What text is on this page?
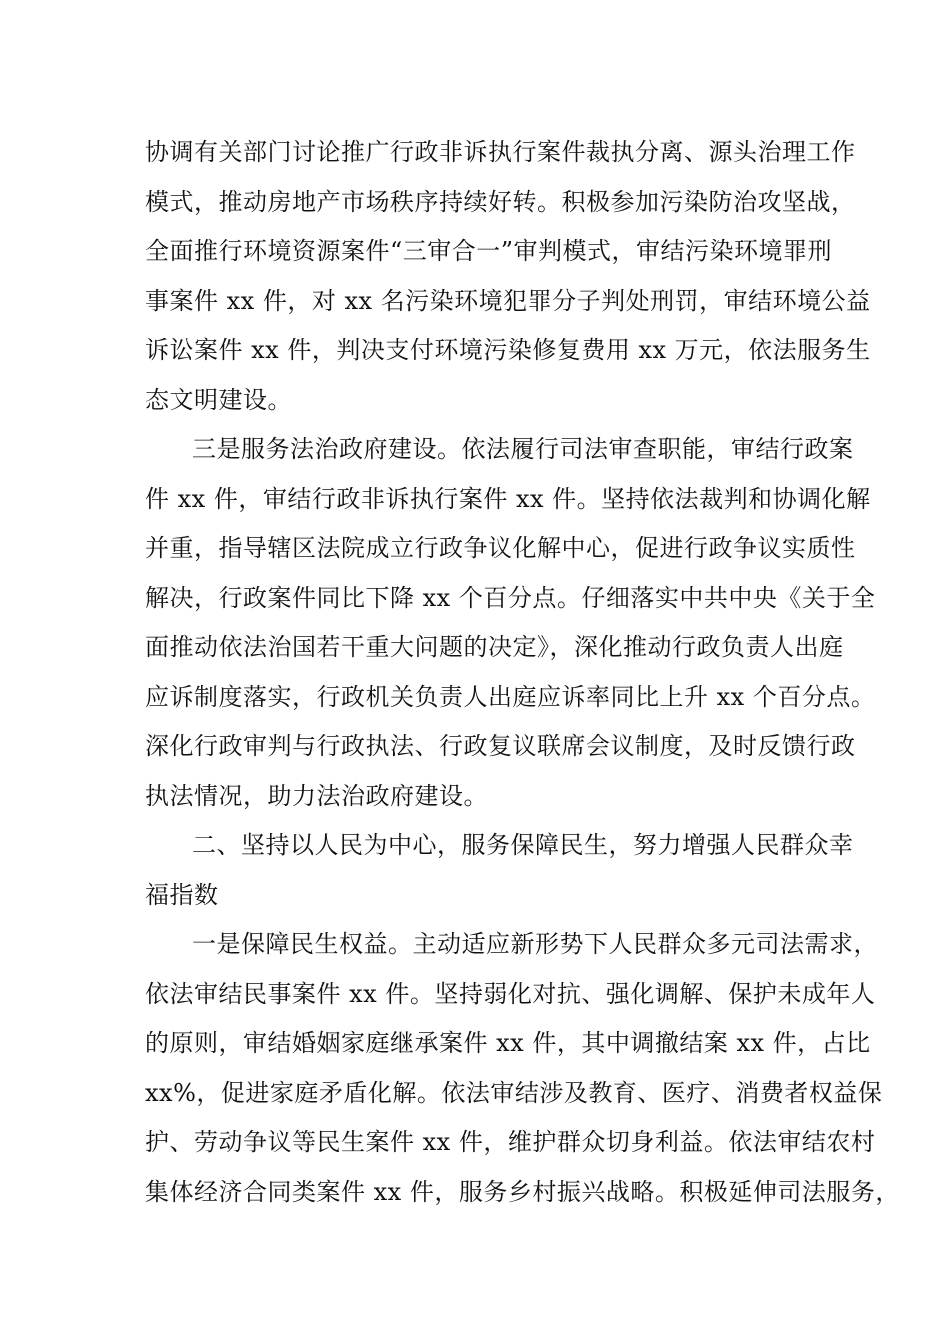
协调有关部门讨论推广行政非诉执行案件裁执分离、源头治理工作
模式，推动房地产市场秩序持续好转。积极参加污染防治攻坚战，
全面推行环境资源案件“三审合一”审判模式，审结污染环境罪刑
事案件 xx 件，对 xx 名污染环境犯罪分子判处刑罚，审结环境公益
诉讼案件 xx 件，判决支付环境污染修复费用 xx 万元，依法服务生
态文明建设。
三是服务法治政府建设。依法履行司法审查职能，审结行政案
件 xx 件，审结行政非诉执行案件 xx 件。坚持依法裁判和协调化解
并重，指导辖区法院成立行政争议化解中心，促进行政争议实质性
解决，行政案件同比下降 xx 个百分点。仔细落实中共中央《关于全
面推动依法治国若干重大问题的决定》，深化推动行政负责人出庭
应诉制度落实，行政机关负责人出庭应诉率同比上升 xx 个百分点。
深化行政审判与行政执法、行政复议联席会议制度，及时反馈行政
执法情况，助力法治政府建设。
二、坚持以人民为中心，服务保障民生，努力增强人民群众幸
福指数
一是保障民生权益。主动适应新形势下人民群众多元司法需求，
依法审结民事案件 xx 件。坚持弱化对抗、强化调解、保护未成年人
的原则，审结婚姻家庭继承案件 xx 件，其中调撤结案 xx 件，占比
xx%，促进家庭矛盾化解。依法审结涉及教育、医疗、消费者权益保
护、劳动争议等民生案件 xx 件，维护群众切身利益。依法审结农村
集体经济合同类案件 xx 件，服务乡村振兴战略。积极延伸司法服务，
